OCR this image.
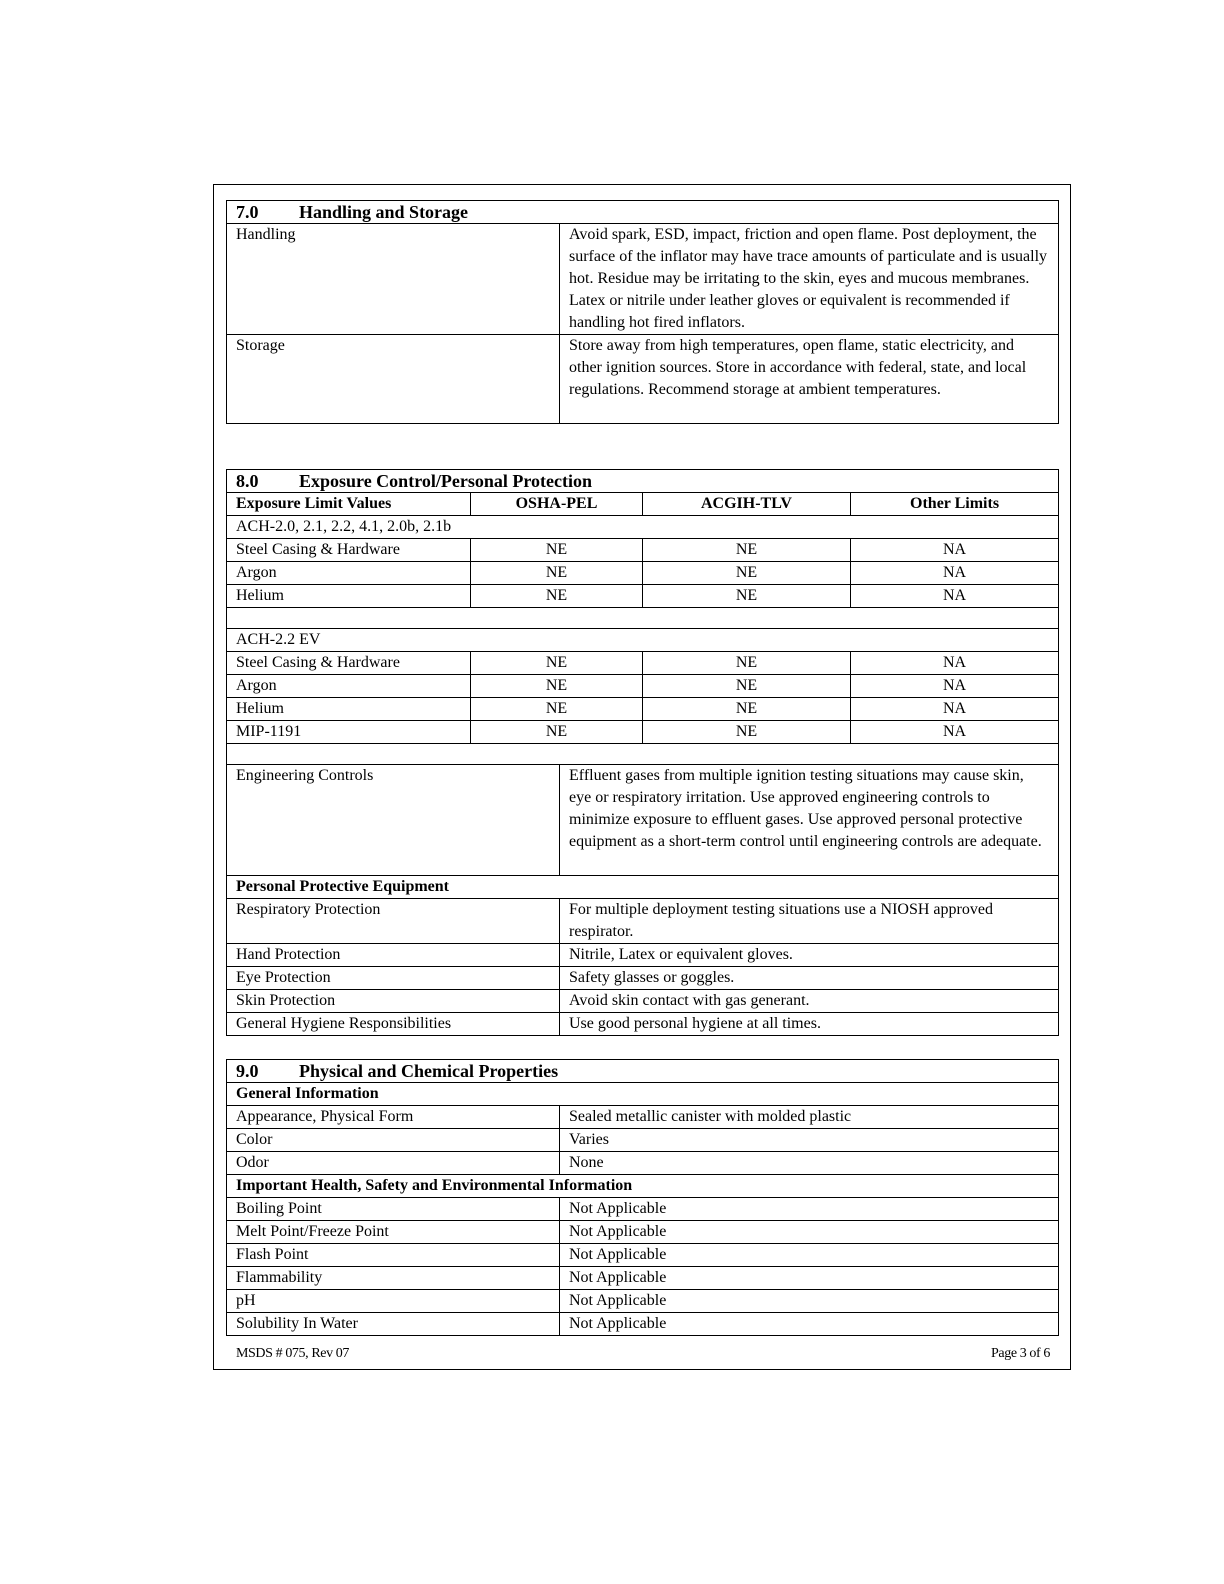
7.0 Handling and Storage	
Handling	Avoid spark, ESD, impact, friction and open flame. Post deployment, the surface of the inflator may have trace amounts of particulate and is usually hot. Residue may be irritating to the skin, eyes and mucous membranes. Latex or nitrile under leather gloves or equivalent is recommended if handling hot fired inflators.
Storage	Store away from high temperatures, open flame, static electricity, and other ignition sources. Store in accordance with federal, state, and local regulations. Recommend storage at ambient temperatures.
8.0 Exposure Control/Personal Protection				
Exposure Limit Values	OSHA-PEL		ACGIH-TLV	Other Limits
ACH-2.0, 2.1, 2.2, 4.1, 2.0b, 2.1b				
Steel Casing & Hardware	NE		NE	NA
Argon	NE		NE	NA
Helium	NE		NE	NA

ACH-2.2 EV				
Steel Casing & Hardware	NE		NE	NA
Argon	NE		NE	NA
Helium	NE		NE	NA
MIP-1191	NE		NE	NA

Engineering Controls		Effluent gases from multiple ignition testing situations may cause skin, eye or respiratory irritation. Use approved engineering controls to minimize exposure to effluent gases. Use approved personal protective equipment as a short-term control until engineering controls are adequate.		
Personal Protective Equipment				
Respiratory Protection		For multiple deployment testing situations use a NIOSH approved respirator.		
Hand Protection		Nitrile, Latex or equivalent gloves.		
Eye Protection		Safety glasses or goggles.		
Skin Protection		Avoid skin contact with gas generant.		
General Hygiene Responsibilities		Use good personal hygiene at all times.		
9.0 Physical and Chemical Properties	
General Information	
Appearance, Physical Form	Sealed metallic canister with molded plastic
Color	Varies
Odor	None
Important Health, Safety and Environmental Information	
Boiling Point	Not Applicable
Melt Point/Freeze Point	Not Applicable
Flash Point	Not Applicable
Flammability	Not Applicable
pH	Not Applicable
Solubility In Water	Not Applicable
MSDS # 075, Rev 07	Page 3 of 6
